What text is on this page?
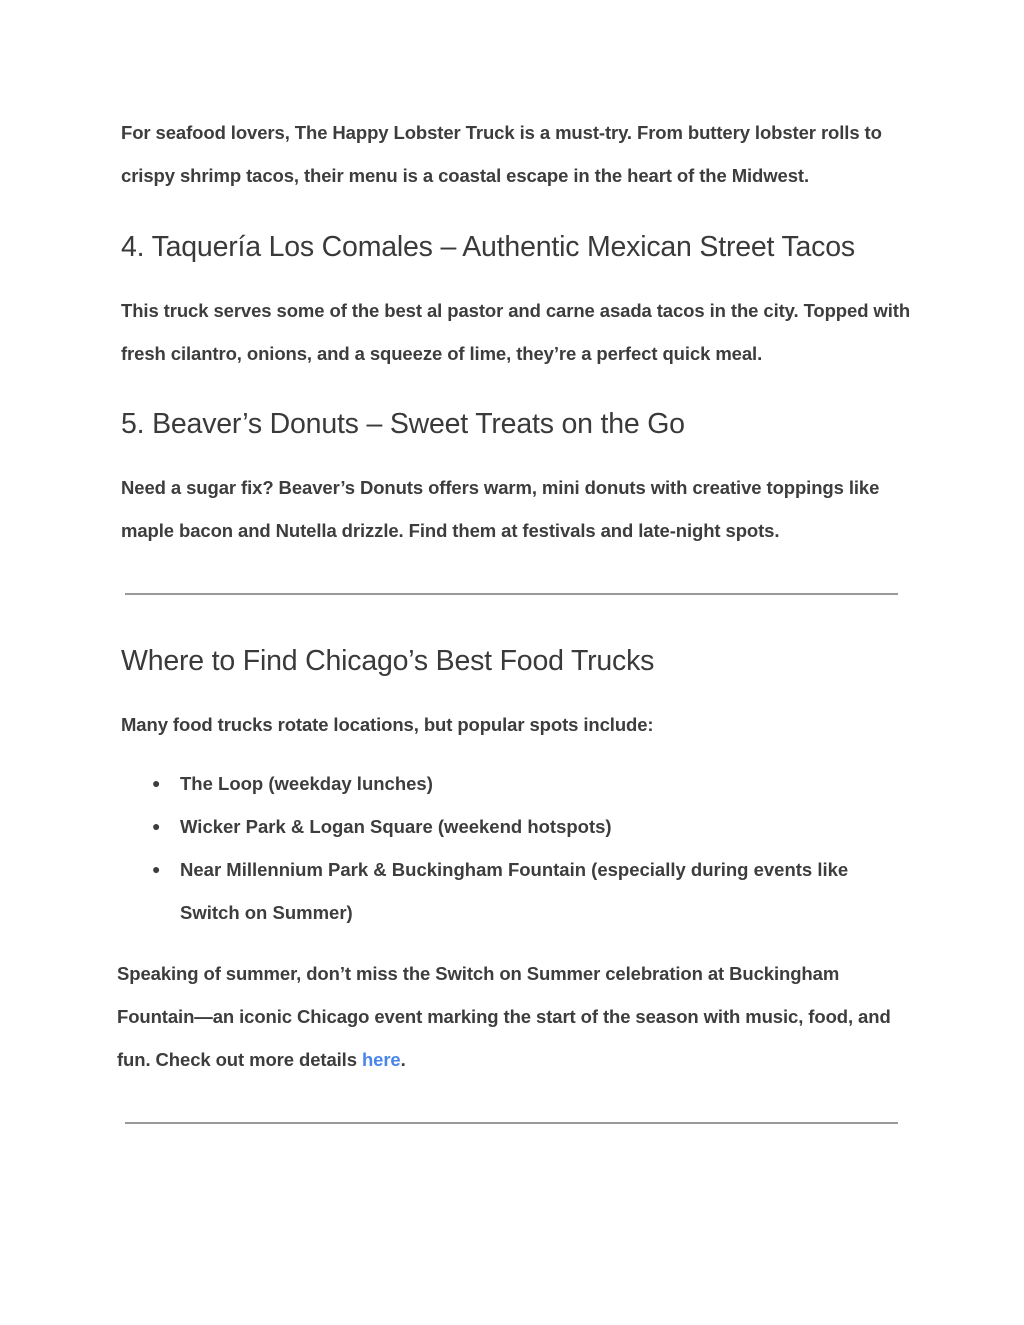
For seafood lovers, The Happy Lobster Truck is a must-try. From buttery lobster rolls to crispy shrimp tacos, their menu is a coastal escape in the heart of the Midwest.

4. Taquería Los Comales – Authentic Mexican Street Tacos

This truck serves some of the best al pastor and carne asada tacos in the city. Topped with fresh cilantro, onions, and a squeeze of lime, they’re a perfect quick meal.

5. Beaver’s Donuts – Sweet Treats on the Go

Need a sugar fix? Beaver’s Donuts offers warm, mini donuts with creative toppings like maple bacon and Nutella drizzle. Find them at festivals and late-night spots.

Where to Find Chicago’s Best Food Trucks

Many food trucks rotate locations, but popular spots include:

● The Loop (weekday lunches)
● Wicker Park & Logan Square (weekend hotspots)
● Near Millennium Park & Buckingham Fountain (especially during events like Switch on Summer)

Speaking of summer, don’t miss the Switch on Summer celebration at Buckingham Fountain—an iconic Chicago event marking the start of the season with music, food, and fun. Check out more details here.
